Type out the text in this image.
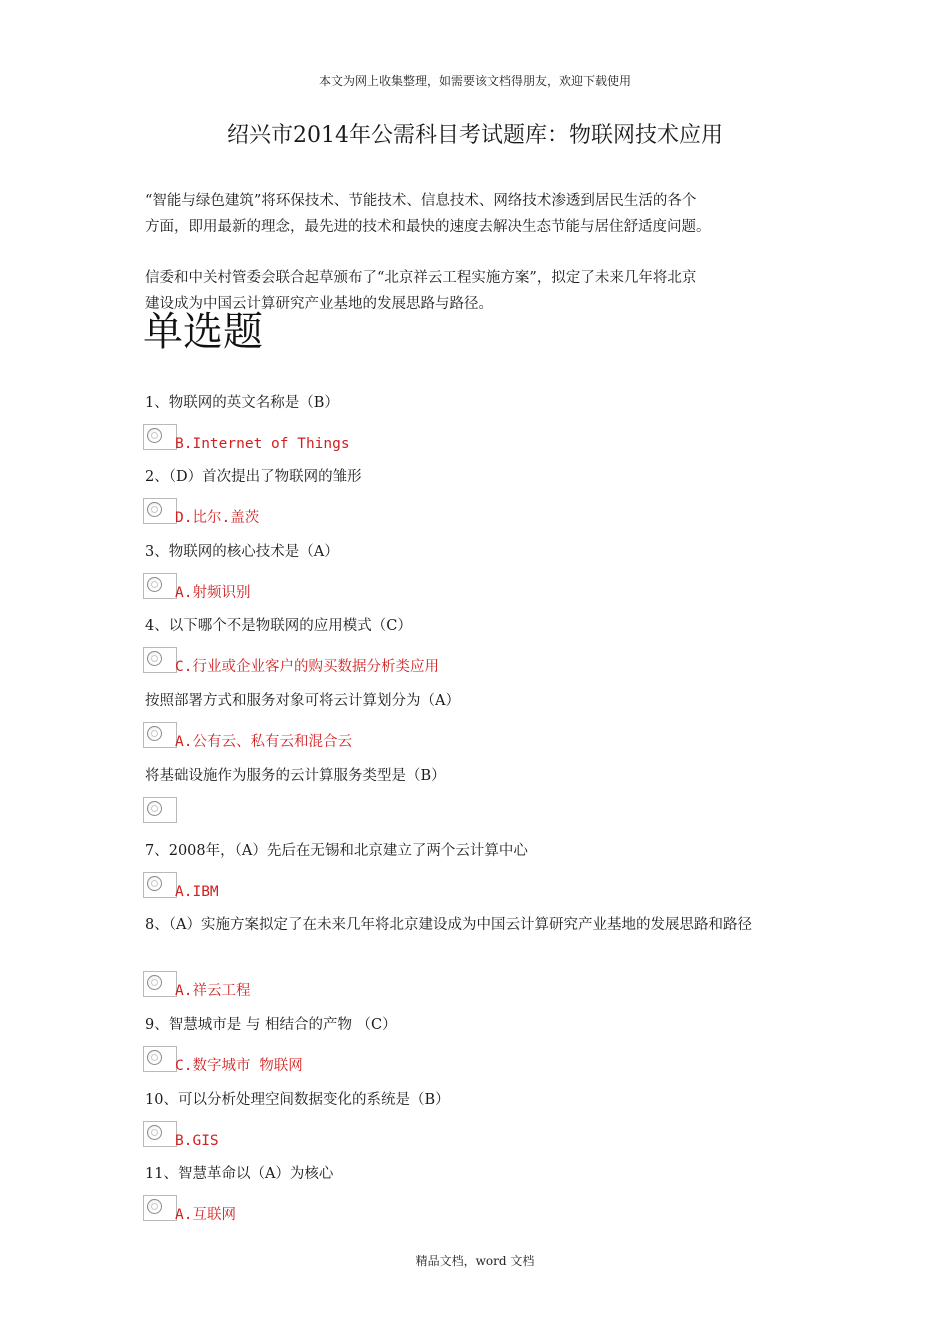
本文为网上收集整理，如需要该文档得朋友，欢迎下载使用
绍兴市2014年公需科目考试题库：物联网技术应用
“智能与绿色建筑”将环保技术、节能技术、信息技术、网络技术渗透到居民生活的各个
方面，即用最新的理念，最先进的技术和最快的速度去解决生态节能与居住舒适度问题。
信委和中关村管委会联合起草颁布了“北京祥云工程实施方案”，拟定了未来几年将北京
建设成为中国云计算研究产业基地的发展思路与路径。
单选题
1、物联网的英文名称是（B）
B.Internet of Things
2、（D）首次提出了物联网的雏形
D.比尔.盖茨
3、物联网的核心技术是（A）
A.射频识别
4、以下哪个不是物联网的应用模式（C）
C.行业或企业客户的购买数据分析类应用
按照部署方式和服务对象可将云计算划分为（A）
A.公有云、私有云和混合云
将基础设施作为服务的云计算服务类型是（B）
7、2008年，（A）先后在无锡和北京建立了两个云计算中心
A.IBM
8、（A）实施方案拟定了在未来几年将北京建设成为中国云计算研究产业基地的发展思路和路径
A.祥云工程
9、智慧城市是 与 相结合的产物 （C）
C.数字城市 物联网
10、可以分析处理空间数据变化的系统是（B）
B.GIS
11、智慧革命以（A）为核心
A.互联网
精品文档，word 文档
